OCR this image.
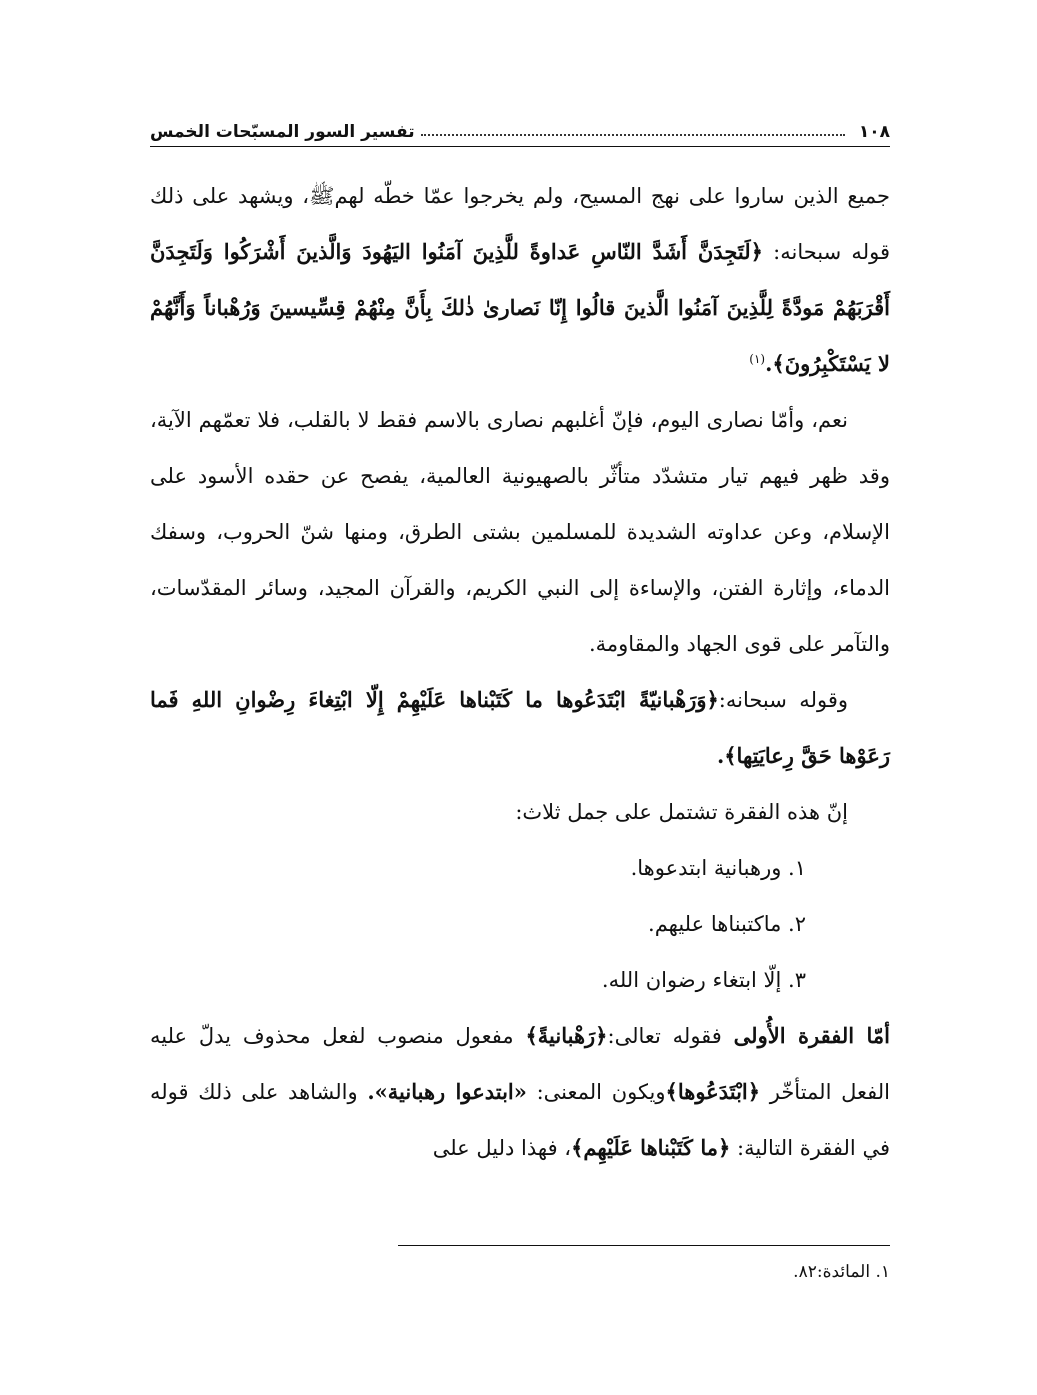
١٠٨
تفسير السور المسبّحات الخمس

جميع الذين ساروا على نهج المسيح، ولم يخرجوا عمّا خطّه لهمﷺ، ويشهد على ذلك قوله سبحانه: ﴿لَتَجِدَنَّ أَشَدَّ النّاسِ عَداوةً للَّذِينَ آمَنُوا اليَهُودَ وَالَّذينَ أَشْرَكُوا وَلَتَجِدَنَّ أَقْرَبَهُمْ مَودَّةً لِلَّذِينَ آمَنُوا الَّذينَ قالُوا إِنّا نَصارىٰ ذٰلكَ بِأَنَّ مِنْهُمْ قِسِّيسينَ وَرُهْباناً وَأَنَّهُمْ لا يَسْتَكْبِرُونَ﴾.$^{(١)}$

نعم، وأمّا نصارى اليوم، فإنّ أغلبهم نصارى بالاسم فقط لا بالقلب، فلا تعمّهم الآية، وقد ظهر فيهم تيار متشدّد متأثّر بالصهيونية العالمية، يفصح عن حقده الأسود على الإسلام، وعن عداوته الشديدة للمسلمين بشتى الطرق، ومنها شنّ الحروب، وسفك الدماء، وإثارة الفتن، والإساءة إلى النبي الكريم، والقرآن المجيد، وسائر المقدّسات، والتآمر على قوى الجهاد والمقاومة.

وقوله سبحانه:﴿وَرَهْبانيّةً ابْتَدَعُوها ما كَتَبْناها عَلَيْهِمْ إِلّا ابْتِغاءَ رِضْوانِ اللهِ فَما رَعَوْها حَقَّ رِعايَتِها﴾.

إنّ هذه الفقرة تشتمل على جمل ثلاث:

١. ورهبانية ابتدعوها.

٢. ماكتبناها عليهم.

٣. إلّا ابتغاء رضوان الله.

أمّا الفقرة الأُولى فقوله تعالى:﴿رَهْبانيةً﴾ مفعول منصوب لفعل محذوف يدلّ عليه الفعل المتأخّر ﴿ابْتَدَعُوها﴾ويكون المعنى: «ابتدعوا رهبانية». والشاهد على ذلك قوله في الفقرة التالية: ﴿ما كَتَبْناها عَلَيْهِم﴾، فهذا دليل على

١. المائدة:٨٢.
